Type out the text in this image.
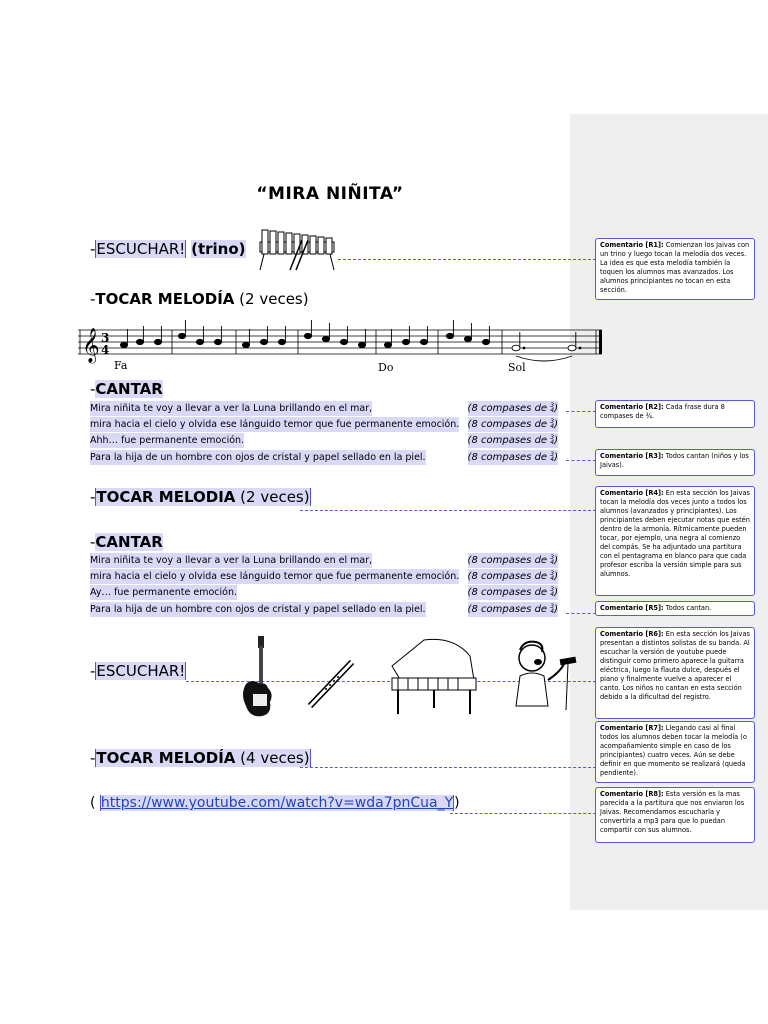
“MIRA NIÑITA”
-ESCUCHAR! (trino)
-TOCAR MELODÍA (2 veces)
𝄞 3
4
Fa	Do	Sol
-CANTAR
Mira niñita te voy a llevar a ver la Luna brillando en el mar,	(8 compases de 3
4)
mira hacia el cielo y olvida ese lánguido temor que fue permanente emoción. (8 compases de 3
4)
Ahh… fue permanente emoción.	(8 compases de 3
4)
Para la hija de un hombre con ojos de cristal y papel sellado en la piel.	(8 compases de 3
4)
-TOCAR MELODIA (2 veces)
-CANTAR
Mira niñita te voy a llevar a ver la Luna brillando en el mar,	(8 compases de 3
4)
mira hacia el cielo y olvida ese lánguido temor que fue permanente emoción. (8 compases de 3
4)
Ay… fue permanente emoción.	(8 compases de 3
4)
Para la hija de un hombre con ojos de cristal y papel sellado en la piel.	(8 compases de 3
4)
-ESCUCHAR!
-TOCAR MELODÍA (4 veces)
( https://www.youtube.com/watch?v=wda7pnCua_Y)
Comentario [R1]: Comienzan los Jaivas con un trino y luego tocan la melodía dos veces. La idea es que esta melodía también la toquen los alumnos mas avanzados. Los alumnos principiantes no tocan en esta sección.
Comentario [R2]: Cada frase dura 8 compases de ¾.
Comentario [R3]: Todos cantan (niños y los Jaivas).
Comentario [R4]: En esta sección los Jaivas tocan la melodía dos veces junto a todos los alumnos (avanzados y principiantes). Los principiantes deben ejecutar notas que estén dentro de la armonía. Rítmicamente pueden tocar, por ejemplo, una negra al comienzo del compás. Se ha adjuntado una partitura con el pentagrama en blanco para que cada profesor escriba la versión simple para sus alumnos.
Comentario [R5]: Todos cantan.
Comentario [R6]: En esta sección los Jaivas presentan a distintos solistas de su banda. Al escuchar la versión de youtube puede distinguir como primero aparece la guitarra eléctrica, luego la flauta dulce, después el piano y finalmente vuelve a aparecer el canto. Los niños no cantan en esta sección debido a la dificultad del registro.
Comentario [R7]: Llegando casi al final todos los alumnos deben tocar la melodía (o acompañamiento simple en caso de los principiantes) cuatro veces. Aún se debe definir en que momento se realizará (queda pendiente).
Comentario [R8]: Esta versión es la mas parecida a la partitura que nos enviaron los Jaivas. Recomendamos escucharla y convertirla a mp3 para que lo puedan compartir con sus alumnos.
